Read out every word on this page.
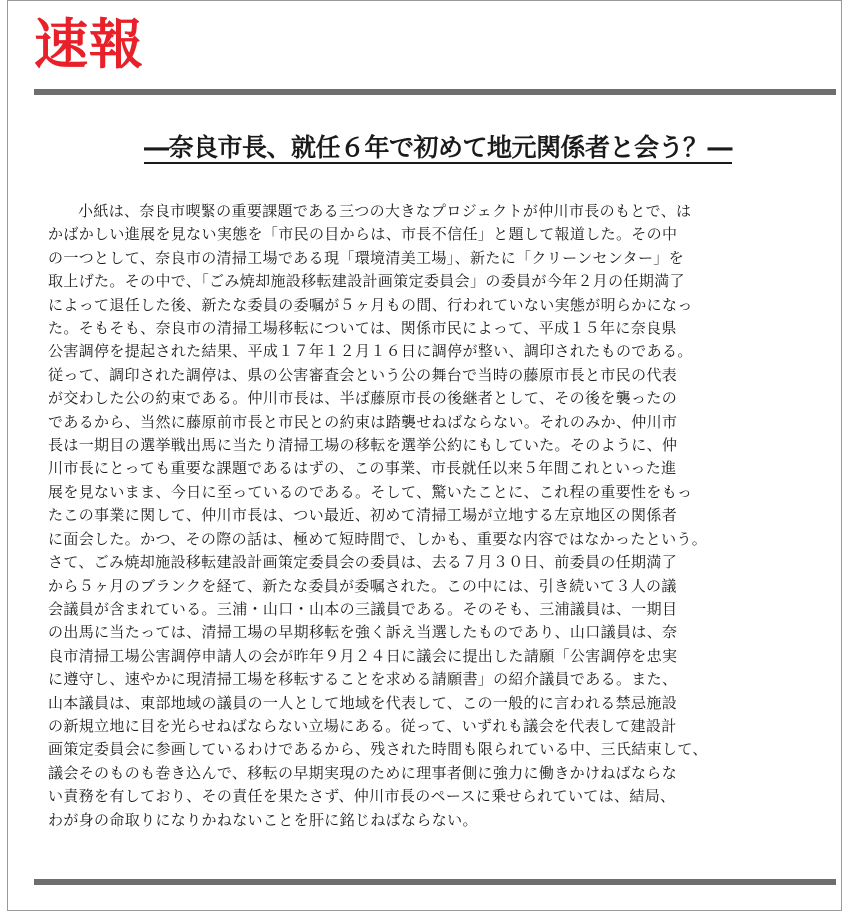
速報
―奈良市長、就任６年で初めて地元関係者と会う？―
小紙は、奈良市喫緊の重要課題である三つの大きなプロジェクトが仲川市長のもとで、は
かばかしい進展を見ない実態を「市民の目からは、市長不信任」と題して報道した。その中
の一つとして、奈良市の清掃工場である現「環境清美工場」、新たに「クリーンセンター」を
取上げた。その中で、「ごみ焼却施設移転建設計画策定委員会」の委員が今年２月の任期満了
によって退任した後、新たな委員の委嘱が５ヶ月もの間、行われていない実態が明らかになっ
た。そもそも、奈良市の清掃工場移転については、関係市民によって、平成１５年に奈良県
公害調停を提起された結果、平成１７年１２月１６日に調停が整い、調印されたものである。
従って、調印された調停は、県の公害審査会という公の舞台で当時の藤原市長と市民の代表
が交わした公の約束である。仲川市長は、半ば藤原市長の後継者として、その後を襲ったの
であるから、当然に藤原前市長と市民との約束は踏襲せねばならない。それのみか、仲川市
長は一期目の選挙戦出馬に当たり清掃工場の移転を選挙公約にもしていた。そのように、仲
川市長にとっても重要な課題であるはずの、この事業、市長就任以来５年間これといった進
展を見ないまま、今日に至っているのである。そして、驚いたことに、これ程の重要性をもっ
たこの事業に関して、仲川市長は、つい最近、初めて清掃工場が立地する左京地区の関係者
に面会した。かつ、その際の話は、極めて短時間で、しかも、重要な内容ではなかったという。
さて、ごみ焼却施設移転建設計画策定委員会の委員は、去る７月３０日、前委員の任期満了
から５ヶ月のブランクを経て、新たな委員が委嘱された。この中には、引き続いて３人の議
会議員が含まれている。三浦・山口・山本の三議員である。そのそも、三浦議員は、一期目
の出馬に当たっては、清掃工場の早期移転を強く訴え当選したものであり、山口議員は、奈
良市清掃工場公害調停申請人の会が昨年９月２４日に議会に提出した請願「公害調停を忠実
に遵守し、速やかに現清掃工場を移転することを求める請願書」の紹介議員である。また、
山本議員は、東部地域の議員の一人として地域を代表して、この一般的に言われる禁忌施設
の新規立地に目を光らせねばならない立場にある。従って、いずれも議会を代表して建設計
画策定委員会に参画しているわけであるから、残された時間も限られている中、三氏結束して、
議会そのものも巻き込んで、移転の早期実現のために理事者側に強力に働きかけねばならな
い責務を有しており、その責任を果たさず、仲川市長のペースに乗せられていては、結局、
わが身の命取りになりかねないことを肝に銘じねばならない。
